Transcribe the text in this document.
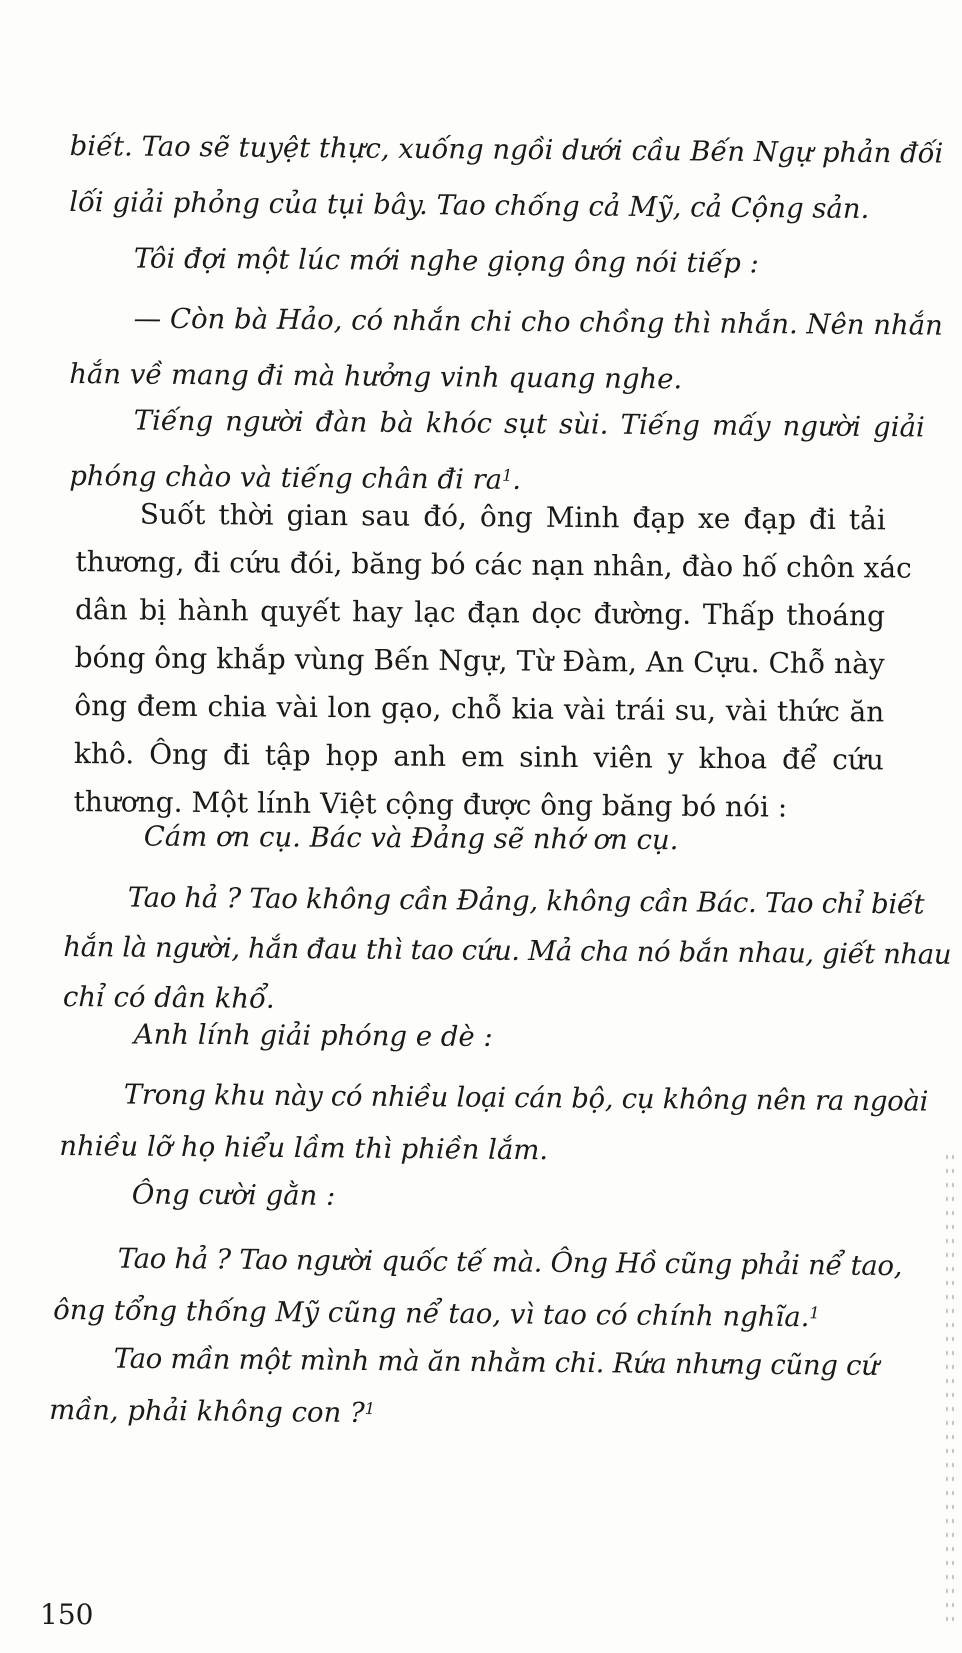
biết. Tao sẽ tuyệt thực, xuống ngồi dưới cầu Bến Ngự phản đối
lối giải phỏng của tụi bây. Tao chống cả Mỹ, cả Cộng sản.

Tôi đợi một lúc mới nghe giọng ông nói tiếp :

— Còn bà Hảo, có nhắn chi cho chồng thì nhắn. Nên nhắn
hắn về mang đi mà hưởng vinh quang nghe.

Tiếng người đàn bà khóc sụt sùi. Tiếng mấy người giải
phóng chào và tiếng chân đi $ra^1$.

Suốt thời gian sau đó, ông Minh đạp xe đạp đi tải
thương, đi cứu đói, băng bó các nạn nhân, đào hố chôn xác
dân bị hành quyết hay lạc đạn dọc đường. Thấp thoáng
bóng ông khắp vùng Bến Ngự, Từ Đàm, An Cựu. Chỗ này
ông đem chia vài lon gạo, chỗ kia vài trái su, vài thức ăn
khô. Ông đi tập họp anh em sinh viên y khoa để cứu
thương. Một lính Việt cộng được ông băng bó nói :

Cám ơn cụ. Bác và Đảng sẽ nhớ ơn cụ.

Tao hả ? Tao không cần Đảng, không cần Bác. Tao chỉ biết
hắn là người, hắn đau thì tao cứu. Mả cha nó bắn nhau, giết nhau
chỉ có dân khổ.

Anh lính giải phóng e dè :

Trong khu này có nhiều loại cán bộ, cụ không nên ra ngoài
nhiều lỡ họ hiểu lầm thì phiền lắm.

Ông cười gằn :

Tao hả ? Tao người quốc tế mà. Ông Hồ cũng phải nể tao,
ông tổng thống Mỹ cũng nể tao, vì tao có chính nghĩa.$^1$

Tao mần một mình mà ăn nhằm chi. Rứa nhưng cũng cứ
mần, phải không con ?$^1$

150
